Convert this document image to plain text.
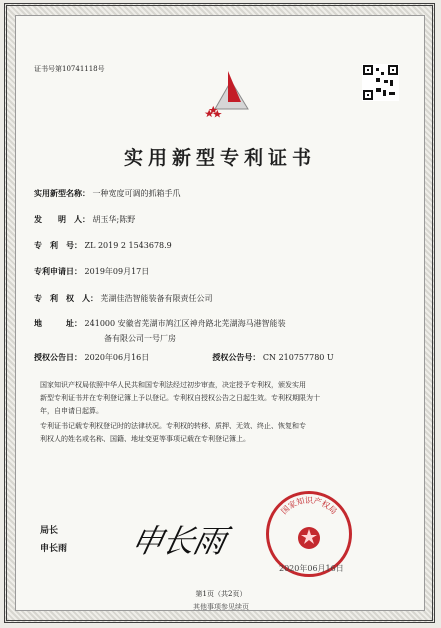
证书号第10741118号
实用新型专利证书
实用新型名称： 一种宽度可调的抓箱手爪
发　　明　人： 胡玉华;陈野
专　利　号： ZL 2019 2 1543678.9
专利申请日： 2019年09月17日
专　利　权　人： 芜湖佳浩智能装备有限责任公司
地　　　址： 241000 安徽省芜湖市鸠江区神舟路北芜湖海马港智能装
备有限公司一号厂房
授权公告日： 2020年06月16日	授权公告号： CN 210757780 U
国家知识产权局依照中华人民共和国专利法经过初步审查，决定授予专利权，颁发实用
新型专利证书并在专利登记簿上予以登记。专利权自授权公告之日起生效。专利权期限为十
年，自申请日起算。
专利证书记载专利权登记时的法律状况。专利权的转移、质押、无效、终止、恢复和专
利权人的姓名或名称、国籍、地址变更等事项记载在专利登记簿上。
局长
申长雨 申长雨
国家知识产权局
2020年06月16日
第1页（共2页）
其他事项参见续页
